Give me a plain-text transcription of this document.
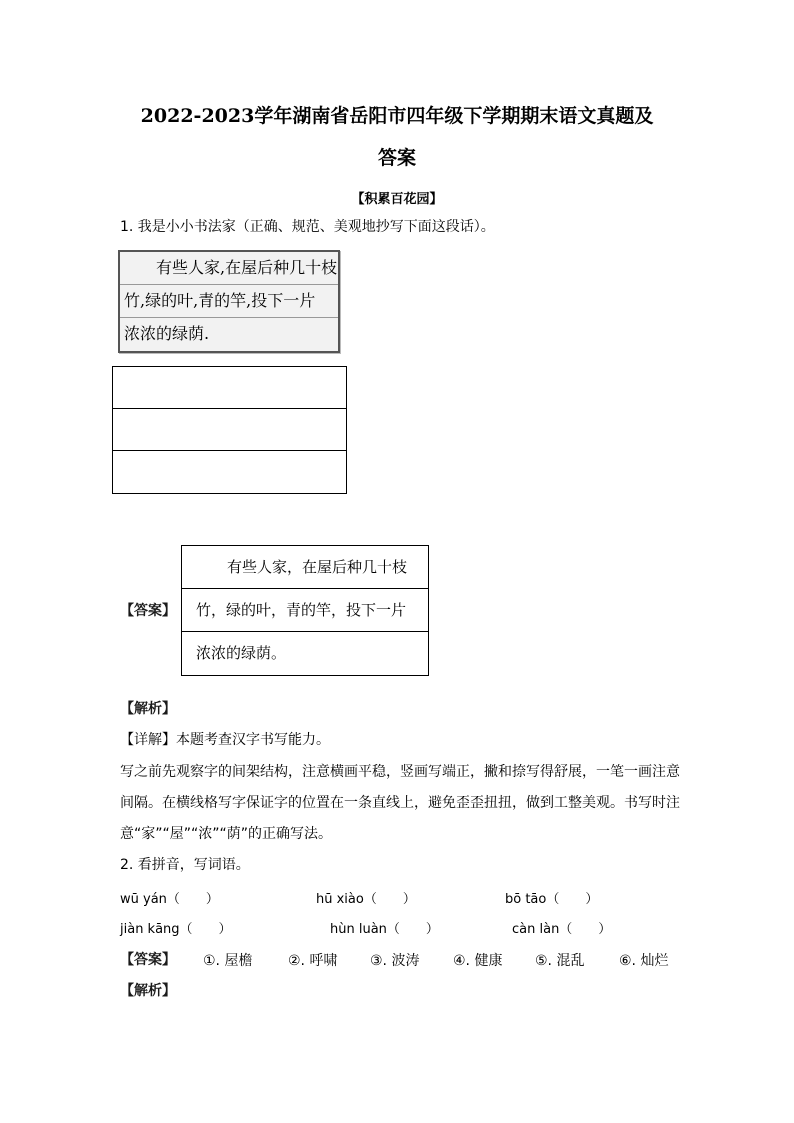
2022-2023学年湖南省岳阳市四年级下学期期末语文真题及
答案
【积累百花园】
1. 我是小小书法家（正确、规范、美观地抄写下面这段话）。
有些人家,在屋后种几十枝
竹,绿的叶,青的竿,投下一片
浓浓的绿荫.
【答案】
有些人家，在屋后种几十枝
竹，绿的叶，青的竿，投下一片
浓浓的绿荫。
【解析】
【详解】本题考查汉字书写能力。
写之前先观察字的间架结构，注意横画平稳，竖画写端正，撇和捺写得舒展，一笔一画注意
间隔。在横线格写字保证字的位置在一条直线上，避免歪歪扭扭，做到工整美观。书写时注
意“家”“屋”“浓”“荫”的正确写法。
2. 看拼音，写词语。
wū yán（　　）	hū xiào（　　）	bō tāo（　　）
jiàn kāng（　　）	hùn luàn（　　）	càn làn（　　）
【答案】 ①. 屋檐	②. 呼啸 ③. 波涛 ④. 健康 ⑤. 混乱 ⑥. 灿烂
【解析】
